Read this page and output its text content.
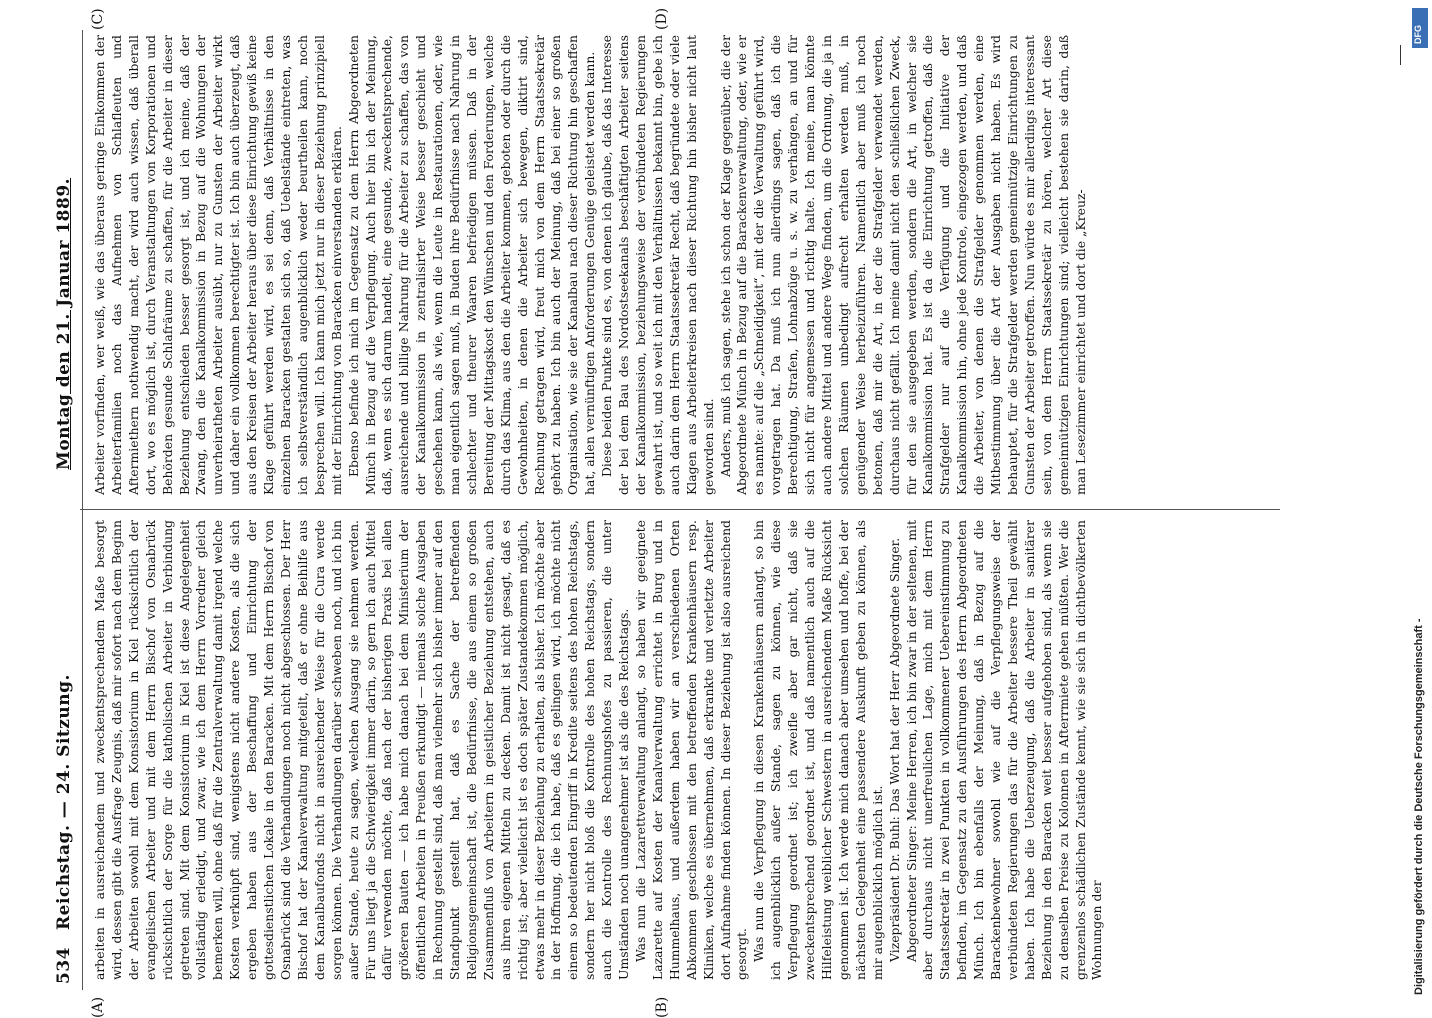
534
Reichstag. — 24. Sitzung.
Montag den 21. Januar 1889.
(A)	(B)
(C)	(D)

arbeiten in ausreichendem und zweckentsprechendem Maße besorgt wird, dessen gibt die Ausfrage Zeugnis, daß mir sofort nach dem Beginn der Arbeiten sowohl mit dem Konsistorium in Kiel rücksichtlich der evangelischen Arbeiter und mit dem Herrn Bischof von Osnabrück rücksichtlich der Sorge für die katholischen Arbeiter in Verbindung getreten sind. Mit dem Konsistorium in Kiel ist diese Angelegenheit vollständig erledigt, und zwar, wie ich dem Herrn Vorredner gleich bemerken will, ohne daß für die Zentralverwaltung damit irgend welche Kosten verknüpft sind, wenigstens nicht andere Kosten, als die sich ergeben haben aus der Beschaffung und Einrichtung der gottesdienstlichen Lokale in den Baracken. Mit dem Herrn Bischof von Osnabrück sind die Verhandlungen noch nicht abgeschlossen. Der Herr Bischof hat der Kanalverwaltung mitgeteilt, daß er ohne Beihilfe aus dem Kanalbaufonds nicht in ausreichender Weise für die Cura werde sorgen können. Die Verhandlungen darüber schweben noch, und ich bin außer Stande, heute zu sagen, welchen Ausgang sie nehmen werden. Für uns liegt ja die Schwierigkeit immer darin, so gern ich auch Mittel dafür verwenden möchte, daß nach der bisherigen Praxis bei allen größeren Bauten — ich habe mich danach bei dem Ministerium der öffentlichen Arbeiten in Preußen erkundigt — niemals solche Ausgaben in Rechnung gestellt sind, daß man vielmehr sich bisher immer auf den Standpunkt gestellt hat, daß es Sache der betreffenden Religionsgemeinschaft ist, die Bedürfnisse, die aus einem so großen Zusammenfluß von Arbeitern in geistlicher Beziehung entstehen, auch aus ihren eigenen Mitteln zu decken. Damit ist nicht gesagt, daß es richtig ist; aber vielleicht ist es doch später Zustandekommen möglich, etwas mehr in dieser Beziehung zu erhalten, als bisher. Ich möchte aber in der Hoffnung, die ich habe, daß es gelingen wird, ich möchte nicht einem so bedeutenden Eingriff in Kredite seitens des hohen Reichstags, sondern her nicht bloß die Kontrolle des hohen Reichstags, sondern auch die Kontrolle des Rechnungshofes zu passieren, die unter Umständen noch unangenehmer ist als die des Reichstags. Was nun die Lazarettverwaltung anlangt, so haben wir geeignete Lazarette auf Kosten der Kanalverwaltung errichtet in Burg und in Hummelhaus, und außerdem haben wir an verschiedenen Orten Abkommen geschlossen mit den betreffenden Krankenhäusern resp. Kliniken, welche es übernehmen, daß erkrankte und verletzte Arbeiter dort Aufnahme finden können. In dieser Beziehung ist also ausreichend gesorgt. Was nun die Verpflegung in diesen Krankenhäusern anlangt, so bin ich augenblicklich außer Stande, sagen zu können, wie diese Verpflegung geordnet ist; ich zweifle aber gar nicht, daß sie zweckentsprechend geordnet ist, und daß namentlich auch auf die Hilfeleistung weiblicher Schwestern in ausreichendem Maße Rücksicht genommen ist. Ich werde mich danach aber umsehen und hoffe, bei der nächsten Gelegenheit eine passendere Auskunft geben zu können, als mir augenblicklich möglich ist. Vizepräsident Dr. Buhl: Das Wort hat der Herr Abgeordnete Singer. Abgeordneter Singer: Meine Herren, ich bin zwar in der seltenen, mit aber durchaus nicht unerfreulichen Lage, mich mit dem Herrn Staatssekretär in zwei Punkten in vollkommener Uebereinstimmung zu befinden, im Gegensatz zu den Ausführungen des Herrn Abgeordneten Münch. Ich bin ebenfalls der Meinung, daß in Bezug auf die Barackenbewohner sowohl wie auf die Verpflegungsweise der verbündeten Regierungen das für die Arbeiter bessere Theil gewählt haben. Ich habe die Ueberzeugung, daß die Arbeiter in sanitärer Beziehung in den Baracken weit besser aufgehoben sind, als wenn sie zu denselben Preise zu Kolonnen in Afterrmiete gehen müßten. Wer die grenzenlos schädlichen Zustände kennt, wie sie sich in dichtbevölkerten Wohnungen der

Arbeiter vorfinden, wer weiß, wie das überaus geringe Einkommen der Arbeiterfamilien noch das Aufnehmen von Schlafleuten und Aftermiethern nothwendig macht, der wird auch wissen, daß überall dort, wo es möglich ist, durch Veranstaltungen von Korporationen und Behörden gesunde Schlafräume zu schaffen, für die Arbeiter in dieser Beziehung entschieden besser gesorgt ist, und ich meine, daß der Zwang, den die Kanalkommission in Bezug auf die Wohnungen der unverheiratheten Arbeiter ausübt, nur zu Gunsten der Arbeiter wirkt und daher ein vollkommen berechtigter ist. Ich bin auch überzeugt, daß aus den Kreisen der Arbeiter heraus über diese Einrichtung gewiß keine Klage geführt werden wird, es sei denn, daß Verhältnisse in den einzelnen Baracken gestalten sich so, daß Uebelstände eintreten, was ich selbstverständlich augenblicklich weder beurtheilen kann, noch besprechen will. Ich kann mich jetzt nur in dieser Beziehung prinzipiell mit der Einrichtung von Baracken einverstanden erklären. Ebenso befinde ich mich im Gegensatz zu dem Herrn Abgeordneten Münch in Bezug auf die Verpflegung. Auch hier bin ich der Meinung, daß, wenn es sich darum handelt, eine gesunde, zweckentsprechende, ausreichende und billige Nahrung für die Arbeiter zu schaffen, das von der Kanalkommission in zentralisirter Weise besser geschieht und geschehen kann, als wie, wenn die Leute in Restaurationen, oder, wie man eigentlich sagen muß, in Buden ihre Bedürfnisse nach Nahrung in schlechter und theurer Waaren befriedigen müssen. Daß in der Bereitung der Mittagskost den Wünschen und den Forderungen, welche durch das Klima, aus den die Arbeiter kommen, geboten oder durch die Gewohnheiten, in denen die Arbeiter sich bewegen, diktirt sind, Rechnung getragen wird, freut mich von dem Herrn Staatssekretär gehört zu haben. Ich bin auch der Meinung, daß bei einer so großen Organisation, wie sie der Kanalbau nach dieser Richtung hin geschaffen hat, allen vernünftigen Anforderungen Genüge geleistet werden kann. Diese beiden Punkte sind es, von denen ich glaube, daß das Interesse der bei dem Bau des Nordostseekanals beschäftigten Arbeiter seitens der Kanalkommission, beziehungsweise der verbündeten Regierungen gewahrt ist, und so weit ich mit den Verhältnissen bekannt bin, gebe ich auch darin dem Herrn Staatssekretär Recht, daß begründete oder viele Klagen aus Arbeiterkreisen nach dieser Richtung hin bisher nicht laut geworden sind. Anders, muß ich sagen, stehe ich schon der Klage gegenüber, die der Abgeordnete Münch in Bezug auf die Barackenverwaltung, oder, wie er es nannte: auf die „Schneidigkeit“, mit der die Verwaltung geführt wird, vorgetragen hat. Da muß ich nun allerdings sagen, daß ich die Berechtigung, Strafen, Lohnabzüge u. s. w. zu verhängen, an und für sich nicht für angemessen und richtig halte. Ich meine, man könnte auch andere Mittel und andere Wege finden, um die Ordnung, die ja in solchen Räumen unbedingt aufrecht erhalten werden muß, in genügender Weise herbeizuführen. Namentlich aber muß ich noch betonen, daß mir die Art, in der die Strafgelder verwendet werden, durchaus nicht gefällt. Ich meine damit nicht den schließlichen Zweck, für den sie ausgegeben werden, sondern die Art, in welcher sie Kanalkommission hat. Es ist da die Einrichtung getroffen, daß die Strafgelder nur auf die Verfügung und die Initiative der Kanalkommission hin, ohne jede Kontrole, eingezogen werden, und daß die Arbeiter, von denen die Strafgelder genommen werden, eine Mitbestimmung über die Art der Ausgaben nicht haben. Es wird behauptet, für die Strafgelder werden gemeinnützige Einrichtungen zu Gunsten der Arbeiter getroffen. Nun würde es mir allerdings interessant sein, von dem Herrn Staatssekretär zu hören, welcher Art diese gemeinnützigen Einrichtungen sind; vielleicht bestehen sie darin, daß man Lesezimmer einrichtet und dort die „Kreuz-

Digitalisierung gefördert durch die Deutsche Forschungsgemeinschaft -
DFG
